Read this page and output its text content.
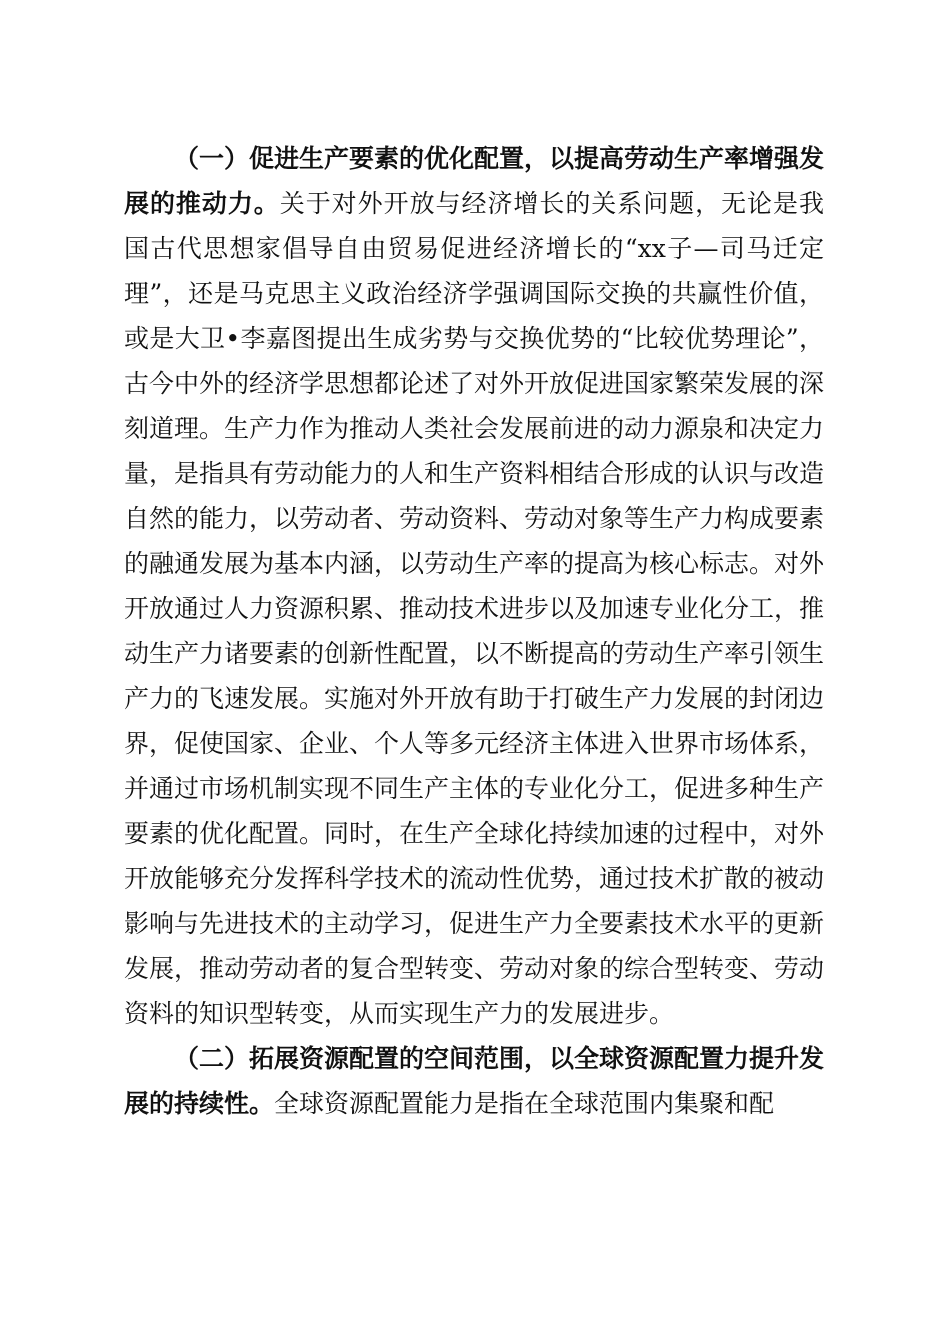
（一）促进生产要素的优化配置，以提高劳动生产率增强发展的推动力。关于对外开放与经济增长的关系问题，无论是我国古代思想家倡导自由贸易促进经济增长的“xx子—司马迁定理”，还是马克思主义政治经济学强调国际交换的共赢性价值，或是大卫•李嘉图提出生成劣势与交换优势的“比较优势理论”，古今中外的经济学思想都论述了对外开放促进国家繁荣发展的深刻道理。生产力作为推动人类社会发展前进的动力源泉和决定力量，是指具有劳动能力的人和生产资料相结合形成的认识与改造自然的能力，以劳动者、劳动资料、劳动对象等生产力构成要素的融通发展为基本内涵，以劳动生产率的提高为核心标志。对外开放通过人力资源积累、推动技术进步以及加速专业化分工，推动生产力诸要素的创新性配置，以不断提高的劳动生产率引领生产力的飞速发展。实施对外开放有助于打破生产力发展的封闭边界，促使国家、企业、个人等多元经济主体进入世界市场体系，并通过市场机制实现不同生产主体的专业化分工，促进多种生产要素的优化配置。同时，在生产全球化持续加速的过程中，对外开放能够充分发挥科学技术的流动性优势，通过技术扩散的被动影响与先进技术的主动学习，促进生产力全要素技术水平的更新发展，推动劳动者的复合型转变、劳动对象的综合型转变、劳动资料的知识型转变，从而实现生产力的发展进步。

（二）拓展资源配置的空间范围，以全球资源配置力提升发展的持续性。全球资源配置能力是指在全球范围内集聚和配
